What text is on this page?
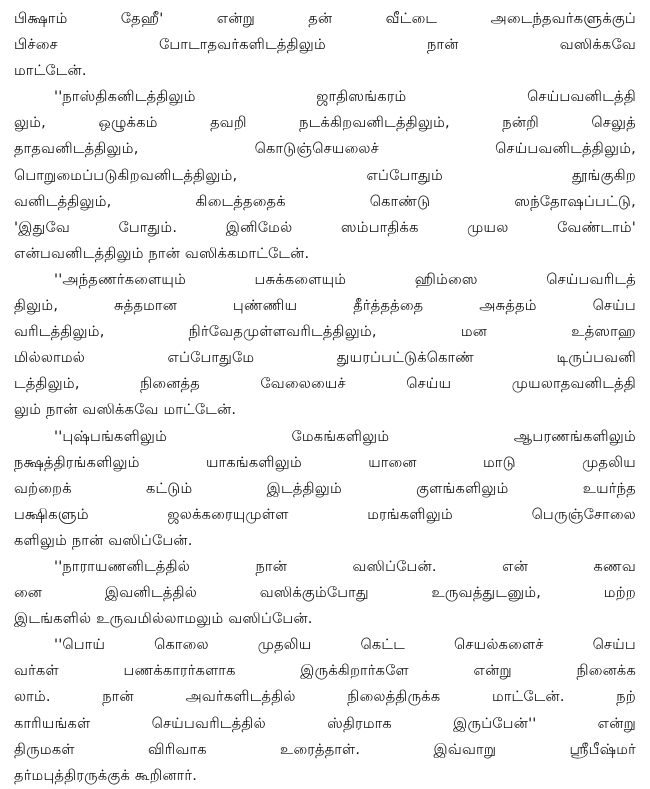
பிக்ஷாம் தேஹீ' என்று தன் வீட்டை அடைந்தவர்களுக்குப்
பிச்சை போடாதவர்களிடத்திலும் நான் வஸிக்கவே
மாட்டேன்.
''நாஸ்திகனிடத்திலும் ஜாதிஸங்கரம் செய்பவனிடத்தி
லும், ஒழுக்கம் தவறி நடக்கிறவனிடத்திலும், நன்றி செலுத்
தாதவனிடத்திலும், கொடுஞ்செயலைச் செய்பவனிடத்திலும்,
பொறுமைப்படுகிறவனிடத்திலும், எப்போதும் தூங்குகிற
வனிடத்திலும், கிடைத்ததைக் கொண்டு ஸந்தோஷப்பட்டு,
'இதுவே போதும். இனிமேல் ஸம்பாதிக்க முயல வேண்டாம்'
என்பவனிடத்திலும் நான் வஸிக்கமாட்டேன்.
''அந்தணர்களையும் பசுக்களையும் ஹிம்ஸை செய்பவரிடத்
திலும், சுத்தமான புண்ணிய தீர்த்தத்தை அசுத்தம் செய்ப
வரிடத்திலும், நிர்வேதமுள்ளவரிடத்திலும், மன உத்ஸாஹ
மில்லாமல் எப்போதுமே துயரப்பட்டுக்கொண் டிருப்பவனி
டத்திலும், நினைத்த வேலையைச் செய்ய முயலாதவனிடத்தி
லும் நான் வஸிக்கவே மாட்டேன்.
''புஷ்பங்களிலும் மேகங்களிலும் ஆபரணங்களிலும்
நக்ஷத்திரங்களிலும் யாகங்களிலும் யானை மாடு முதலிய
வற்றைக் கட்டும் இடத்திலும் குளங்களிலும் உயர்ந்த
பக்ஷிகளும் ஜலக்கரையுமுள்ள மரங்களிலும் பெருஞ்சோலை
களிலும் நான் வஸிப்பேன்.
''நாராயணனிடத்தில் நான் வஸிப்பேன். என் கணவ
னை இவனிடத்தில் வஸிக்கும்போது உருவத்துடனும், மற்ற
இடங்களில் உருவமில்லாமலும் வஸிப்பேன்.
''பொய் கொலை முதலிய கெட்ட செயல்களைச் செய்ப
வர்கள் பணக்காரர்களாக இருக்கிறார்களே என்று நினைக்க
லாம். நான் அவர்களிடத்தில் நிலைத்திருக்க மாட்டேன். நற்
காரியங்கள் செய்பவரிடத்தில் ஸ்திரமாக இருப்பேன்'' என்று
திருமகள் விரிவாக உரைத்தாள். இவ்வாறு ஸ்ரீபீஷ்மர்
தர்மபுத்திரருக்குக் கூறினார்.
